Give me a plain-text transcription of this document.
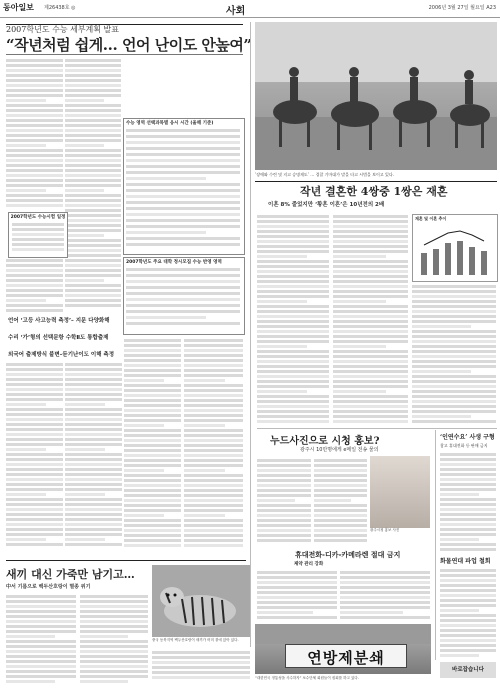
동아일보 제26438호 ◎	사회	2006년 3월 27일 월요일 A23
2007학년도 수능 세부계획 발표
“작년처럼 쉽게… 언어 난이도 안높여”
2007학년도 수능시험 일정
수능 영역 선택과목별 응시 시간 (올해 기준)
2007학년도 주요 대학 정시모집 수능 반영 영역
언어 ‘고등 사고능력 측정’– 지문 다양화해
수리 ‘가’형의 선택문항 수학Ⅱ도 통합출제
외국어 출제방식 불변–듣기난이도 이해 측정
’장애와 수련 및 지고 승명재도’ … 경찰 기마대가 말을 타고 시범을 보이고 있다.
작년 결혼한 4쌍중 1쌍은 재혼
이혼 8% 줄었지만 ‘황혼 이혼’은 10년전의 2배
재혼 및 이혼 추이
누드사진으로 시청 홍보?
광주시 10만명에게 e메일 전송 물의
광주시청 홍보 사진
‘인연수요’ 사생 구형
참고 휴대전화 등 판매 금지
화물연대 파업 철회
휴대전화-디카-카메라렌 절대 금지
제약 관리 강화
새끼 대신 가죽만 남기고…
中서 기름으로 백두산호랑이 멸종 위기
중국 동북지역 백두산호랑이 새끼가 어미 곁에 앉아 있다.
연방제분쇄
“대한민국 정통성을 사수하자” 보수단체 회원들이 집회를 하고 있다.
바로잡습니다
